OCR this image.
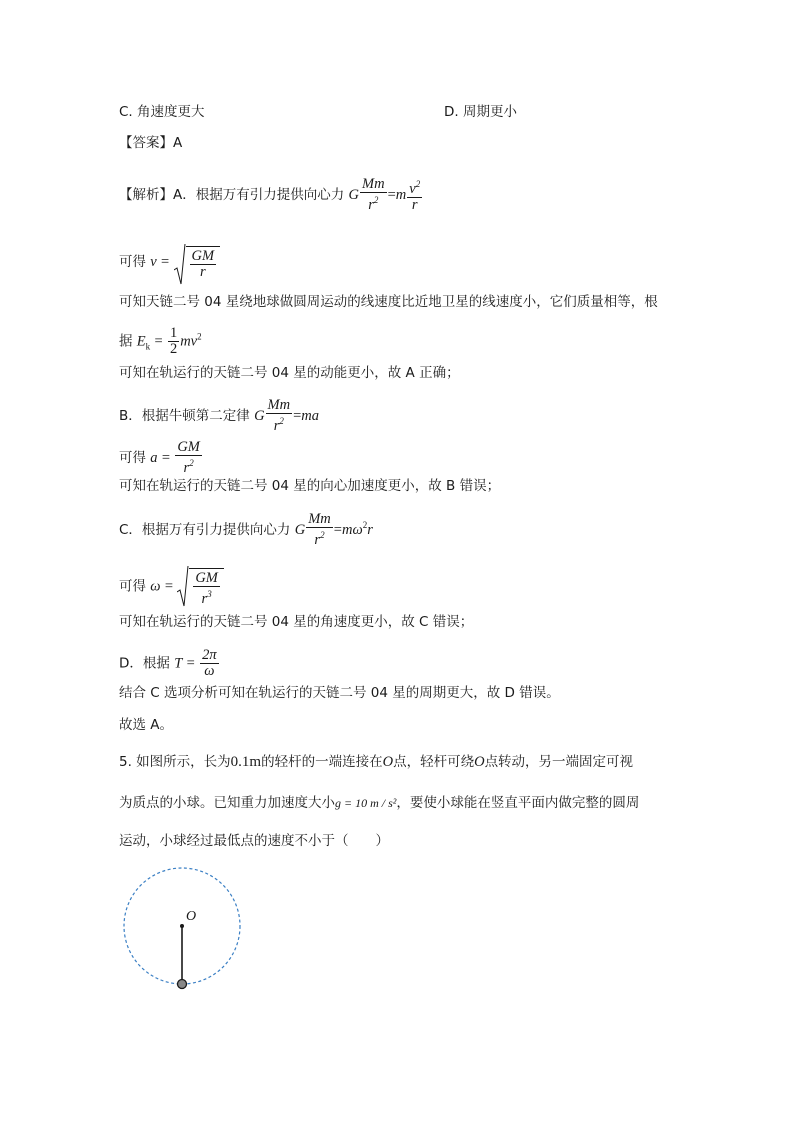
C. 角速度更大	D. 周期更小
【答案】A
【解析】A．根据万有引力提供向心力 G $\frac{Mm}{r^2} =m \frac{v^2}{r}$
可得 $v = \frac{GM}{r}$
可知天链二号 04 星绕地球做圆周运动的线速度比近地卫星的线速度小，它们质量相等，根
据 $E_k = \frac{1}{2} mv^2$
可知在轨运行的天链二号 04 星的动能更小，故 A 正确；
B．根据牛顿第二定律 G $\frac{Mm}{r^2} =ma$
可得 $a = \frac{GM}{r^2}$
可知在轨运行的天链二号 04 星的向心加速度更小，故 B 错误；
C．根据万有引力提供向心力 G $\frac{Mm}{r^2} =m\omega^2r$
可得 $\omega = \frac{GM}{r^3}$
可知在轨运行的天链二号 04 星的角速度更小，故 C 错误；
D．根据 $T = \frac{2\pi}{\omega}$
结合 C 选项分析可知在轨运行的天链二号 04 星的周期更大，故 D 错误。
故选 A。
5. 如图所示，长为0.1m的轻杆的一端连接在O点，轻杆可绕O点转动，另一端固定可视
为质点的小球。已知重力加速度大小g = 10 m / s²，要使小球能在竖直平面内做完整的圆周
运动，小球经过最低点的速度不小于（　　）
O
